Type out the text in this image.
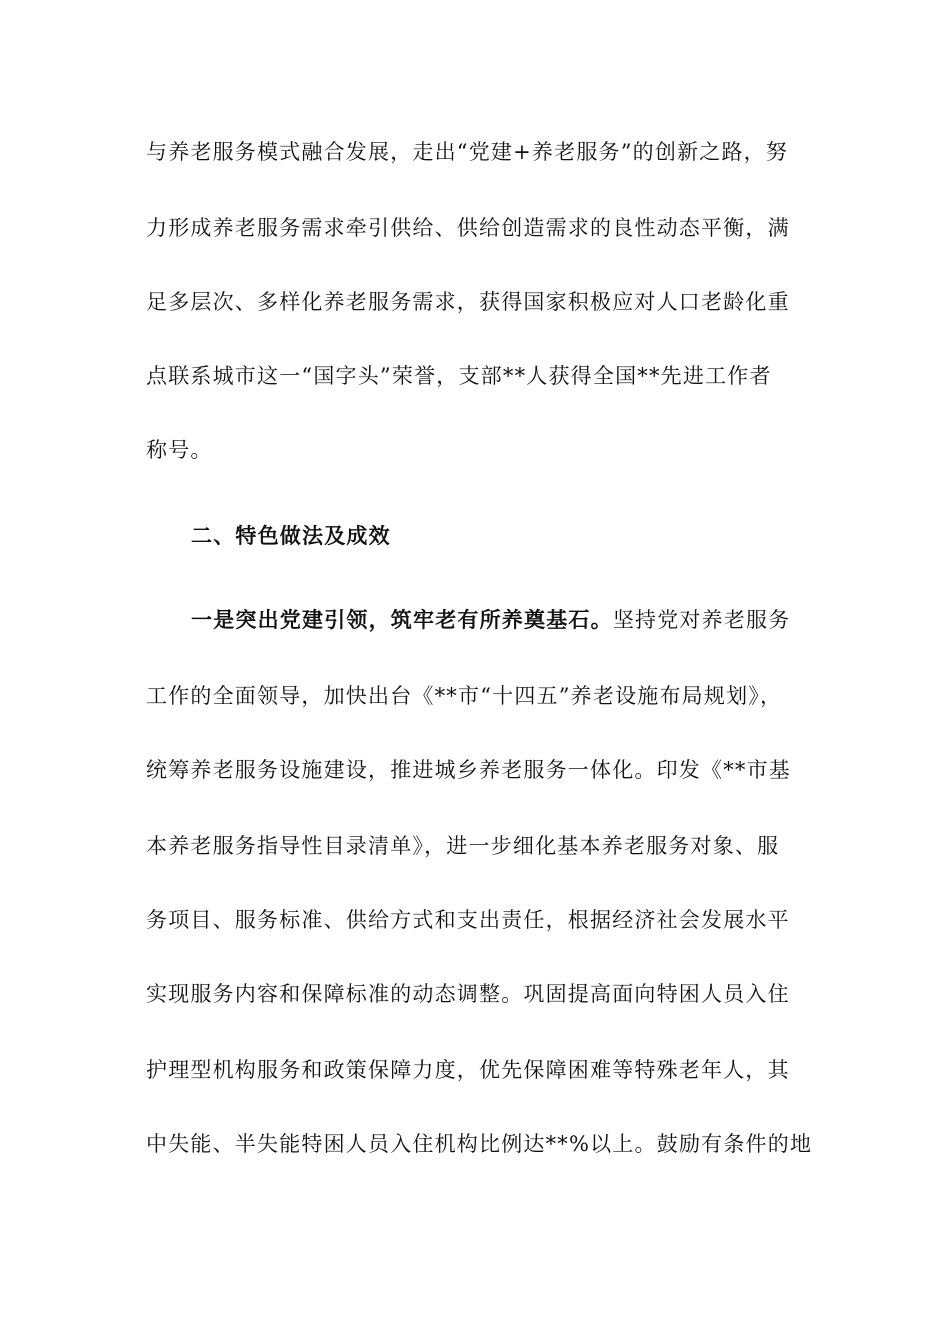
与养老服务模式融合发展，走出“党建+养老服务”的创新之路，努
力形成养老服务需求牵引供给、供给创造需求的良性动态平衡，满
足多层次、多样化养老服务需求，获得国家积极应对人口老龄化重
点联系城市这一“国字头”荣誉，支部**人获得全国**先进工作者
称号。
二、特色做法及成效
一是突出党建引领，筑牢老有所养奠基石。坚持党对养老服务
工作的全面领导，加快出台《**市“十四五”养老设施布局规划》，
统筹养老服务设施建设，推进城乡养老服务一体化。印发《**市基
本养老服务指导性目录清单》，进一步细化基本养老服务对象、服
务项目、服务标准、供给方式和支出责任，根据经济社会发展水平
实现服务内容和保障标准的动态调整。巩固提高面向特困人员入住
护理型机构服务和政策保障力度，优先保障困难等特殊老年人，其
中失能、半失能特困人员入住机构比例达**%以上。鼓励有条件的地
